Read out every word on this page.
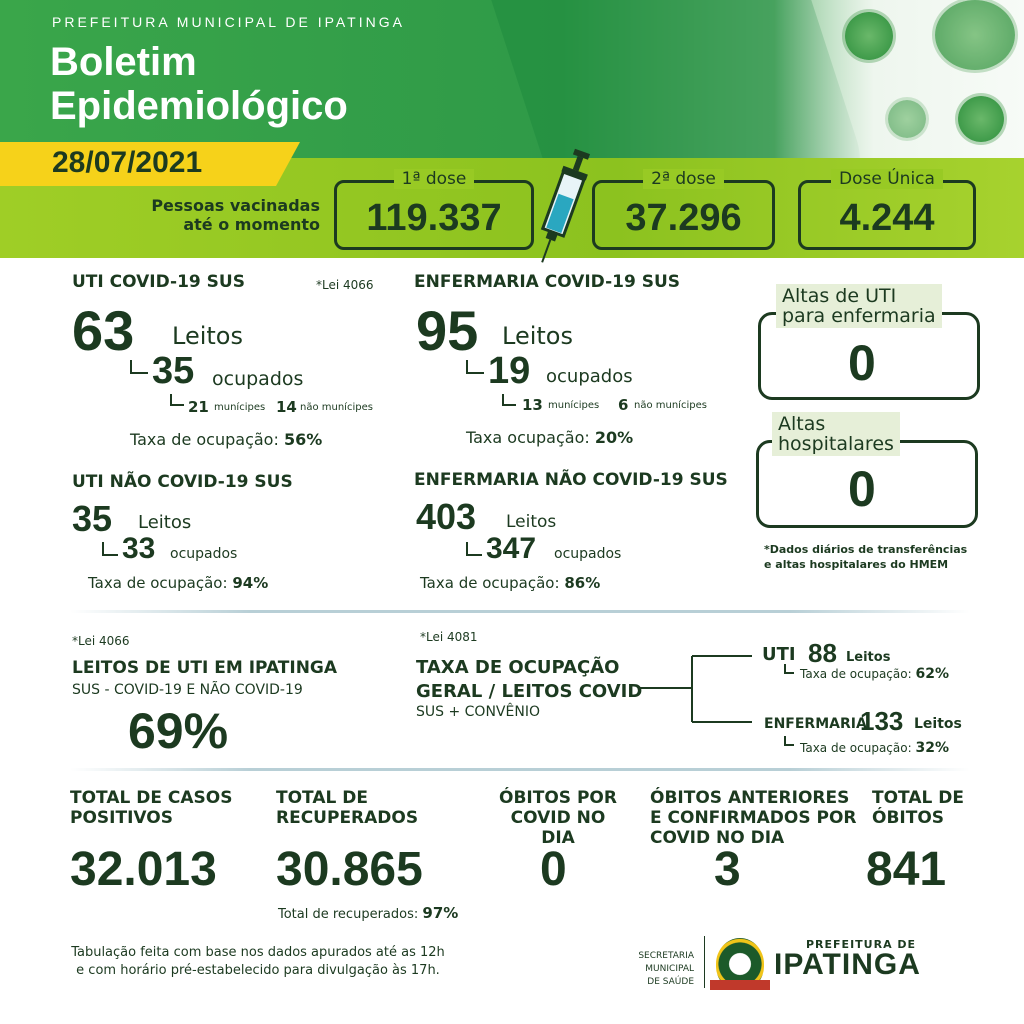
PREFEITURA MUNICIPAL DE IPATINGA
Boletim
Epidemiológico
28/07/2021
Pessoas vacinadas
até o momento
1ª dose
119.337
2ª dose
37.296
Dose Única
4.244
UTI COVID-19 SUS	*Lei 4066
63 Leitos
35 ocupados
21 munícipes 14 não munícipes
Taxa de ocupação: 56%
ENFERMARIA COVID-19 SUS
95 Leitos
19 ocupados
13 munícipes 6 não munícipes
Taxa ocupação: 20%
UTI NÃO COVID-19 SUS
35 Leitos
33 ocupados
Taxa de ocupação: 94%
ENFERMARIA NÃO COVID-19 SUS
403 Leitos
347 ocupados
Taxa de ocupação: 86%
Altas de UTI
para enfermaria
0
Altas
hospitalares
0
*Dados diários de transferências
e altas hospitalares do HMEM
*Lei 4066
LEITOS DE UTI EM IPATINGA
SUS - COVID-19 E NÃO COVID-19
69%
*Lei 4081
TAXA DE OCUPAÇÃO
GERAL / LEITOS COVID
SUS + CONVÊNIO
UTI 88 Leitos
Taxa de ocupação: 62%
ENFERMARIA
133 Leitos
Taxa de ocupação: 32%
TOTAL DE CASOS
POSITIVOS
32.013
TOTAL DE
RECUPERADOS
30.865
Total de recuperados: 97%
ÓBITOS POR
COVID NO DIA
0
ÓBITOS ANTERIORES
E CONFIRMADOS POR
COVID NO DIA
3
TOTAL DE
ÓBITOS
841
Tabulação feita com base nos dados apurados até as 12h
e com horário pré-estabelecido para divulgação às 17h.
SECRETARIA MUNICIPAL
DE SAÚDE
PREFEITURA DE
IPATINGA
